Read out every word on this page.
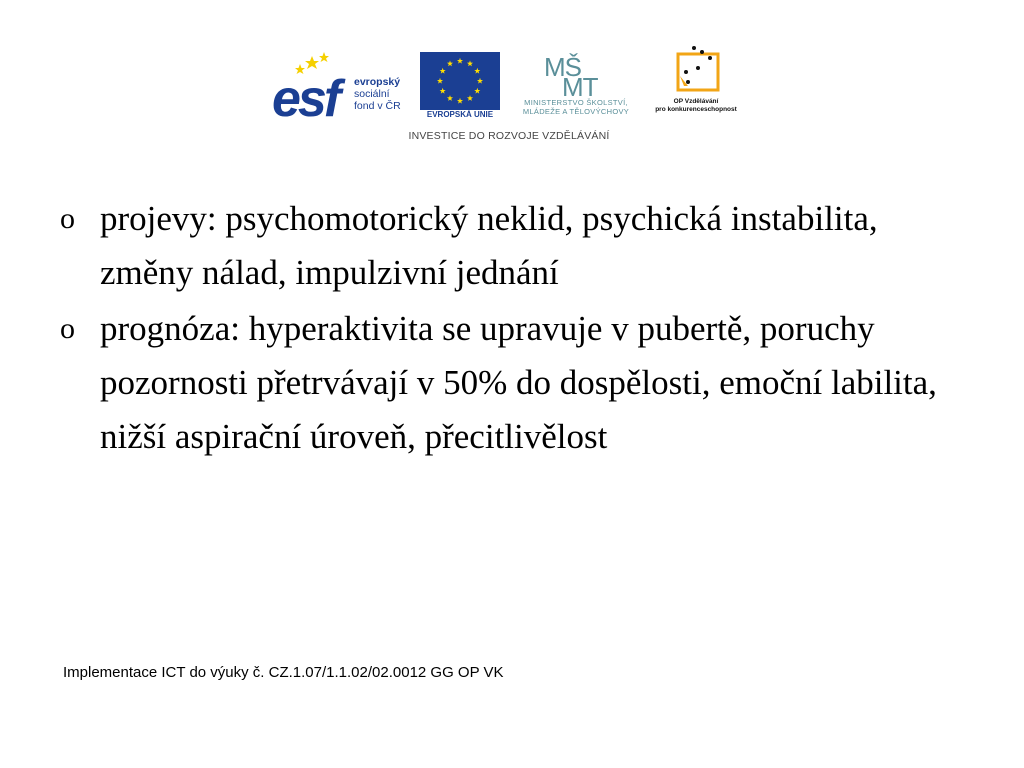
esf	evropský
sociální
fond v ČR
EVROPSKÁ UNIE
MŠ
MT
MINISTERSTVO ŠKOLSTVÍ,
MLÁDEŽE A TĚLOVÝCHOVY
OP Vzdělávání
pro konkurenceschopnost
INVESTICE DO ROZVOJE VZDĚLÁVÁNÍ
o projevy: psychomotorický neklid, psychická instabilita, změny nálad, impulzivní jednání
o prognóza: hyperaktivita se upravuje v pubertě, poruchy pozornosti přetrvávají v 50% do dospělosti, emoční labilita, nižší aspirační úroveň, přecitlivělost
Implementace ICT do výuky č. CZ.1.07/1.1.02/02.0012 GG OP VK
